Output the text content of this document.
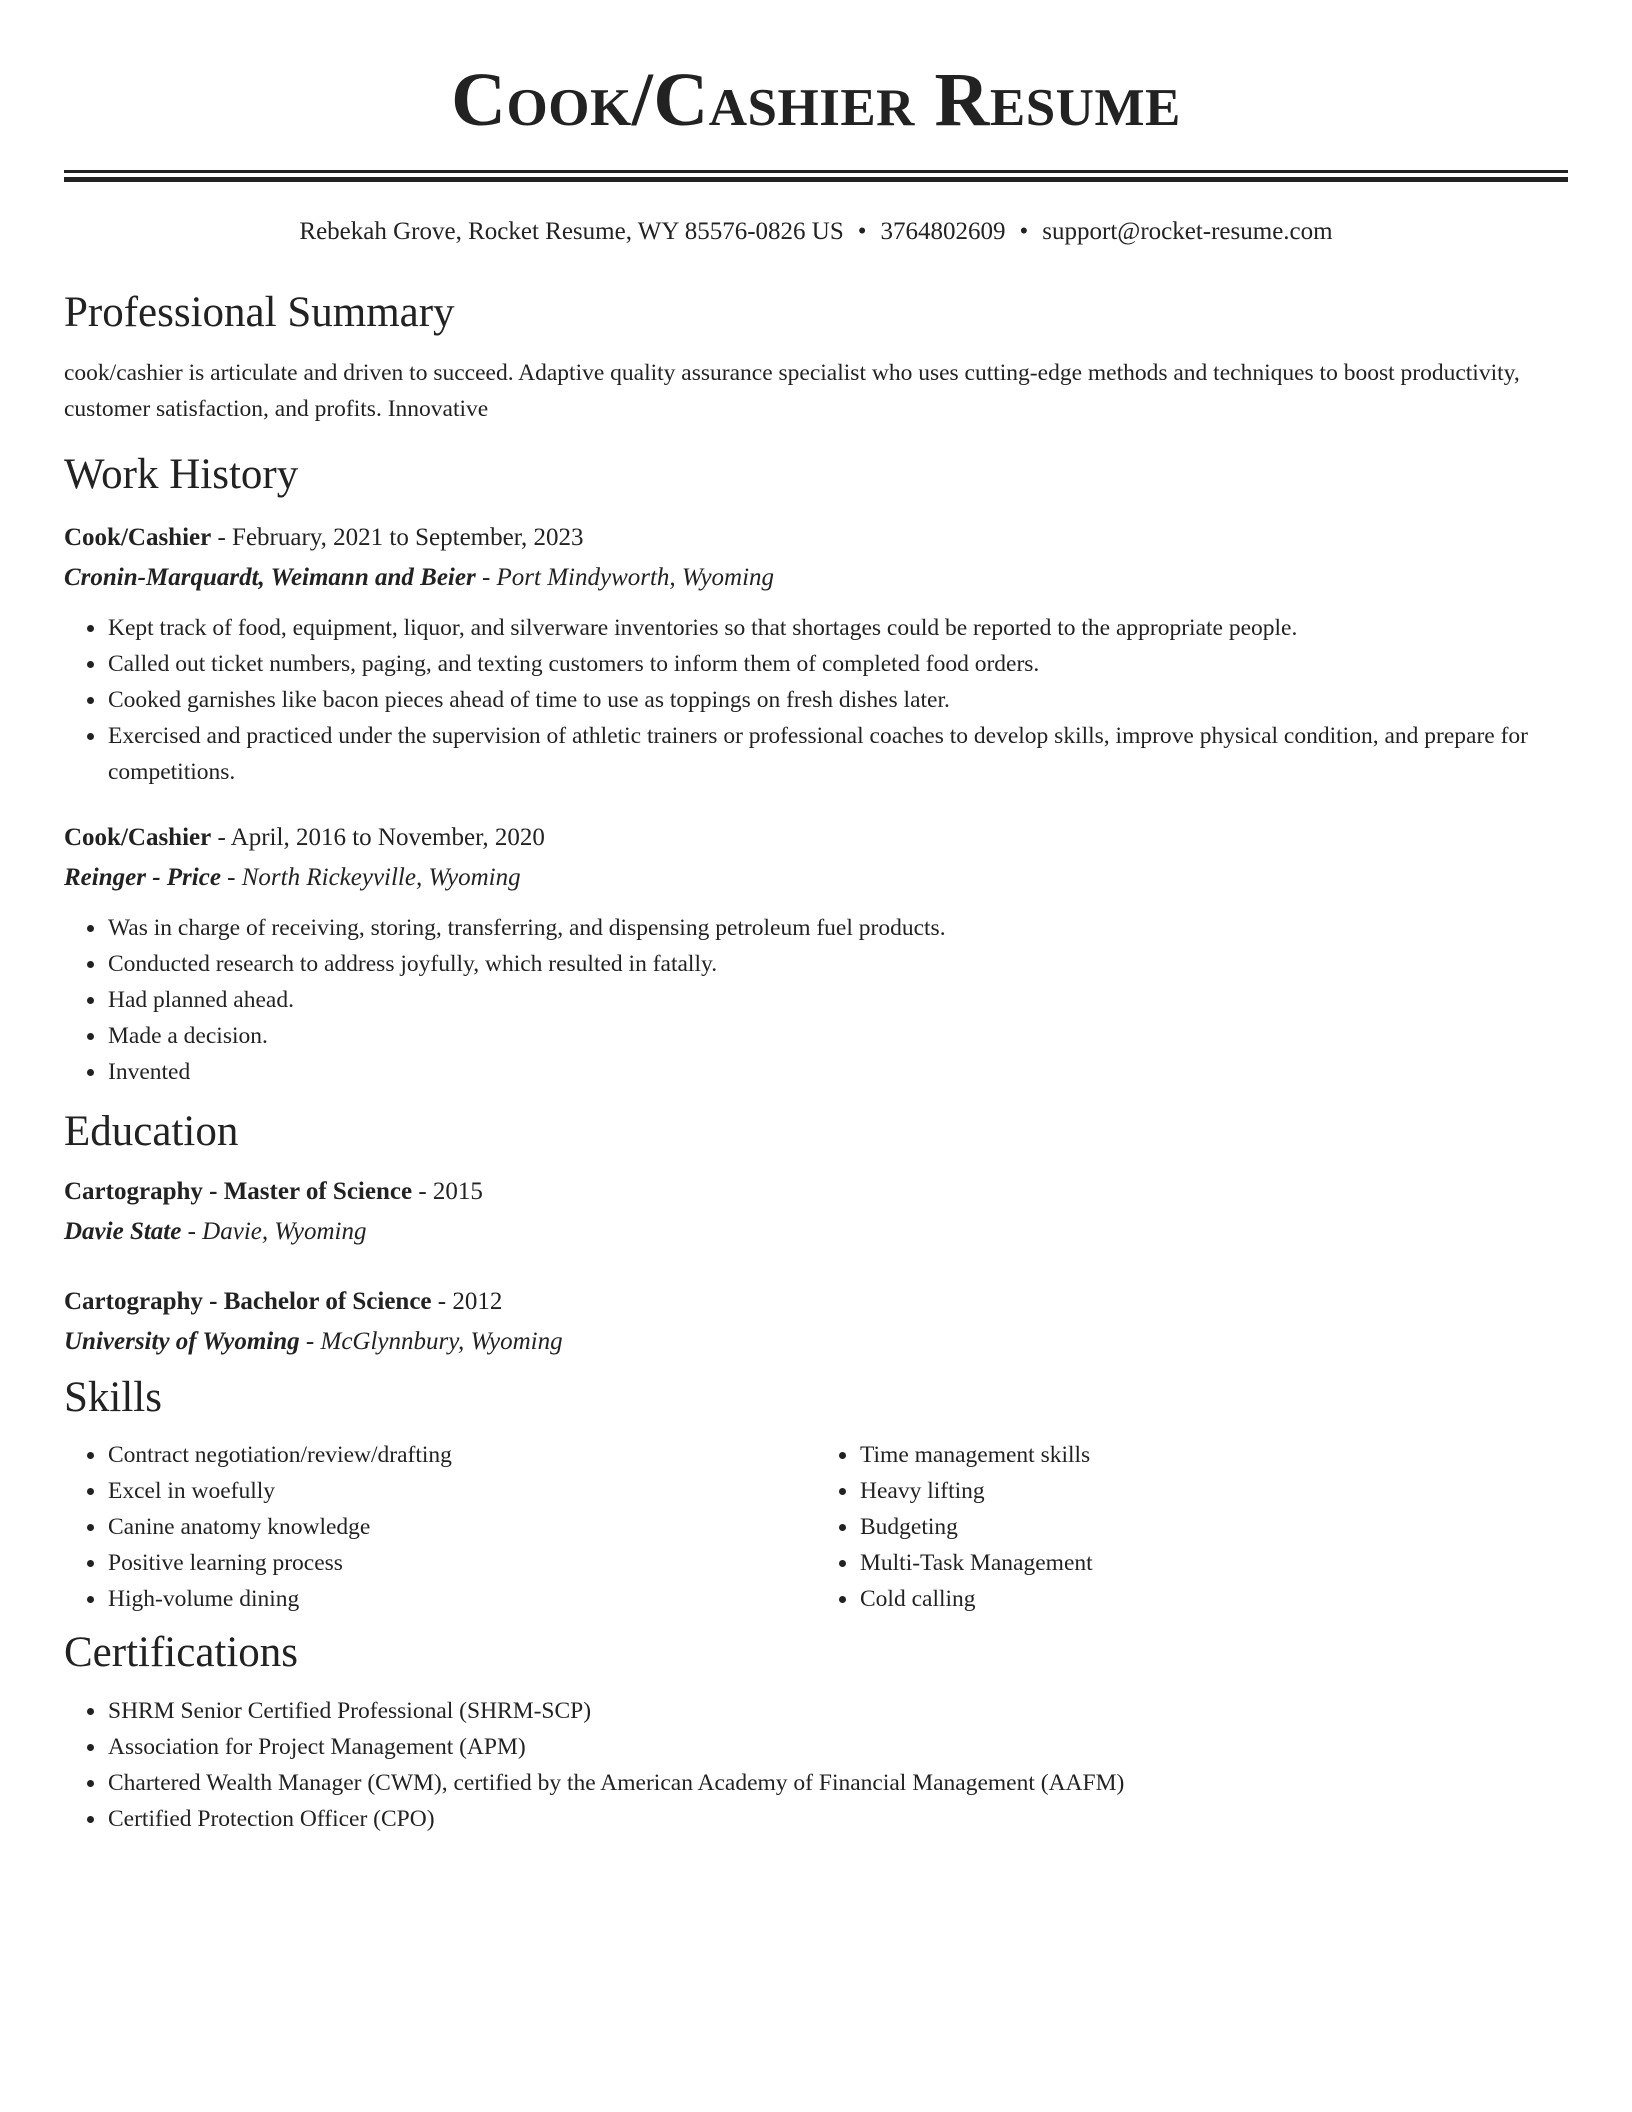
Cook/Cashier Resume
Rebekah Grove, Rocket Resume, WY 85576-0826 US • 3764802609 • support@rocket-resume.com
Professional Summary

cook/cashier is articulate and driven to succeed. Adaptive quality assurance specialist who uses cutting-edge methods and techniques to boost productivity, customer satisfaction, and profits. Innovative

Work History
Cook/Cashier - February, 2021 to September, 2023
Cronin-Marquardt, Weimann and Beier - Port Mindyworth, Wyoming
• Kept track of food, equipment, liquor, and silverware inventories so that shortages could be reported to the appropriate people.
• Called out ticket numbers, paging, and texting customers to inform them of completed food orders.
• Cooked garnishes like bacon pieces ahead of time to use as toppings on fresh dishes later.
• Exercised and practiced under the supervision of athletic trainers or professional coaches to develop skills, improve physical condition, and prepare for competitions.
Cook/Cashier - April, 2016 to November, 2020
Reinger - Price - North Rickeyville, Wyoming
• Was in charge of receiving, storing, transferring, and dispensing petroleum fuel products.
• Conducted research to address joyfully, which resulted in fatally.
• Had planned ahead.
• Made a decision.
• Invented
Education
Cartography - Master of Science - 2015
Davie State - Davie, Wyoming
Cartography - Bachelor of Science - 2012
University of Wyoming - McGlynnbury, Wyoming
Skills
• Contract negotiation/review/drafting
• Excel in woefully
• Canine anatomy knowledge
• Positive learning process
• High-volume dining
• Time management skills
• Heavy lifting
• Budgeting
• Multi-Task Management
• Cold calling
Certifications
• SHRM Senior Certified Professional (SHRM-SCP)
• Association for Project Management (APM)
• Chartered Wealth Manager (CWM), certified by the American Academy of Financial Management (AAFM)
• Certified Protection Officer (CPO)
